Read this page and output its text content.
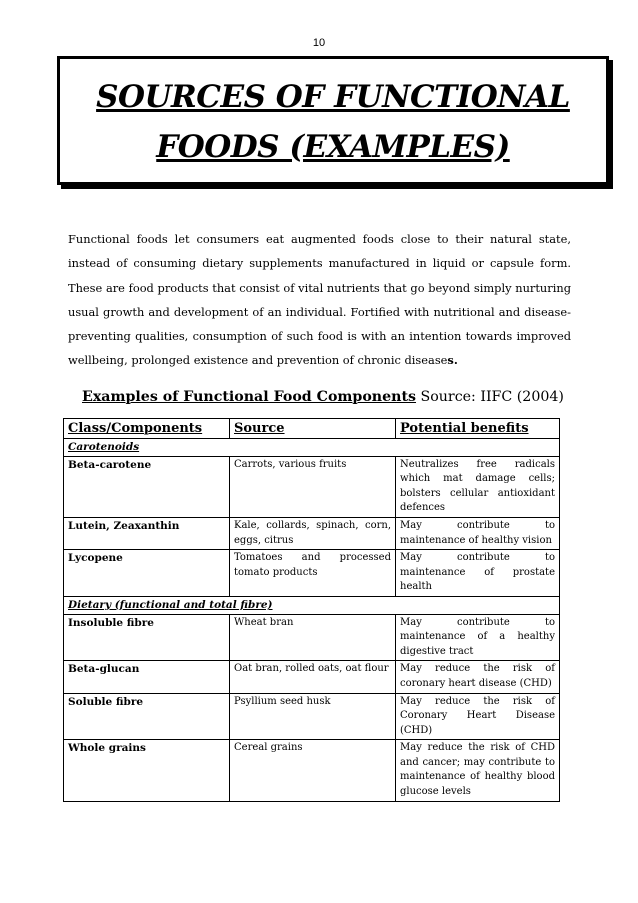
10
SOURCES OF FUNCTIONAL
FOODS (EXAMPLES)

Functional foods let consumers eat augmented foods close to their natural state, instead of consuming dietary supplements manufactured in liquid or capsule form. These are food products that consist of vital nutrients that go beyond simply nurturing usual growth and development of an individual. Fortified with nutritional and disease-preventing qualities, consumption of such food is with an intention towards improved wellbeing, prolonged existence and prevention of chronic diseases.

Examples of Functional Food Components Source: IIFC (2004)
Class/Components	Source	Potential benefits
Carotenoids		
Beta-carotene	Carrots, various fruits	Neutralizes free radicals which mat damage cells; bolsters cellular antioxidant defences
Lutein, Zeaxanthin	Kale, collards, spinach, corn, eggs, citrus	May contribute to maintenance of healthy vision
Lycopene	Tomatoes and processed tomato products	May contribute to maintenance of prostate health
Dietary (functional and total fibre)		
Insoluble fibre	Wheat bran	May contribute to maintenance of a healthy digestive tract
Beta-glucan	Oat bran, rolled oats, oat flour	May reduce the risk of coronary heart disease (CHD)
Soluble fibre	Psyllium seed husk	May reduce the risk of Coronary Heart Disease (CHD)
Whole grains	Cereal grains	May reduce the risk of CHD and cancer; may contribute to maintenance of healthy blood glucose levels
